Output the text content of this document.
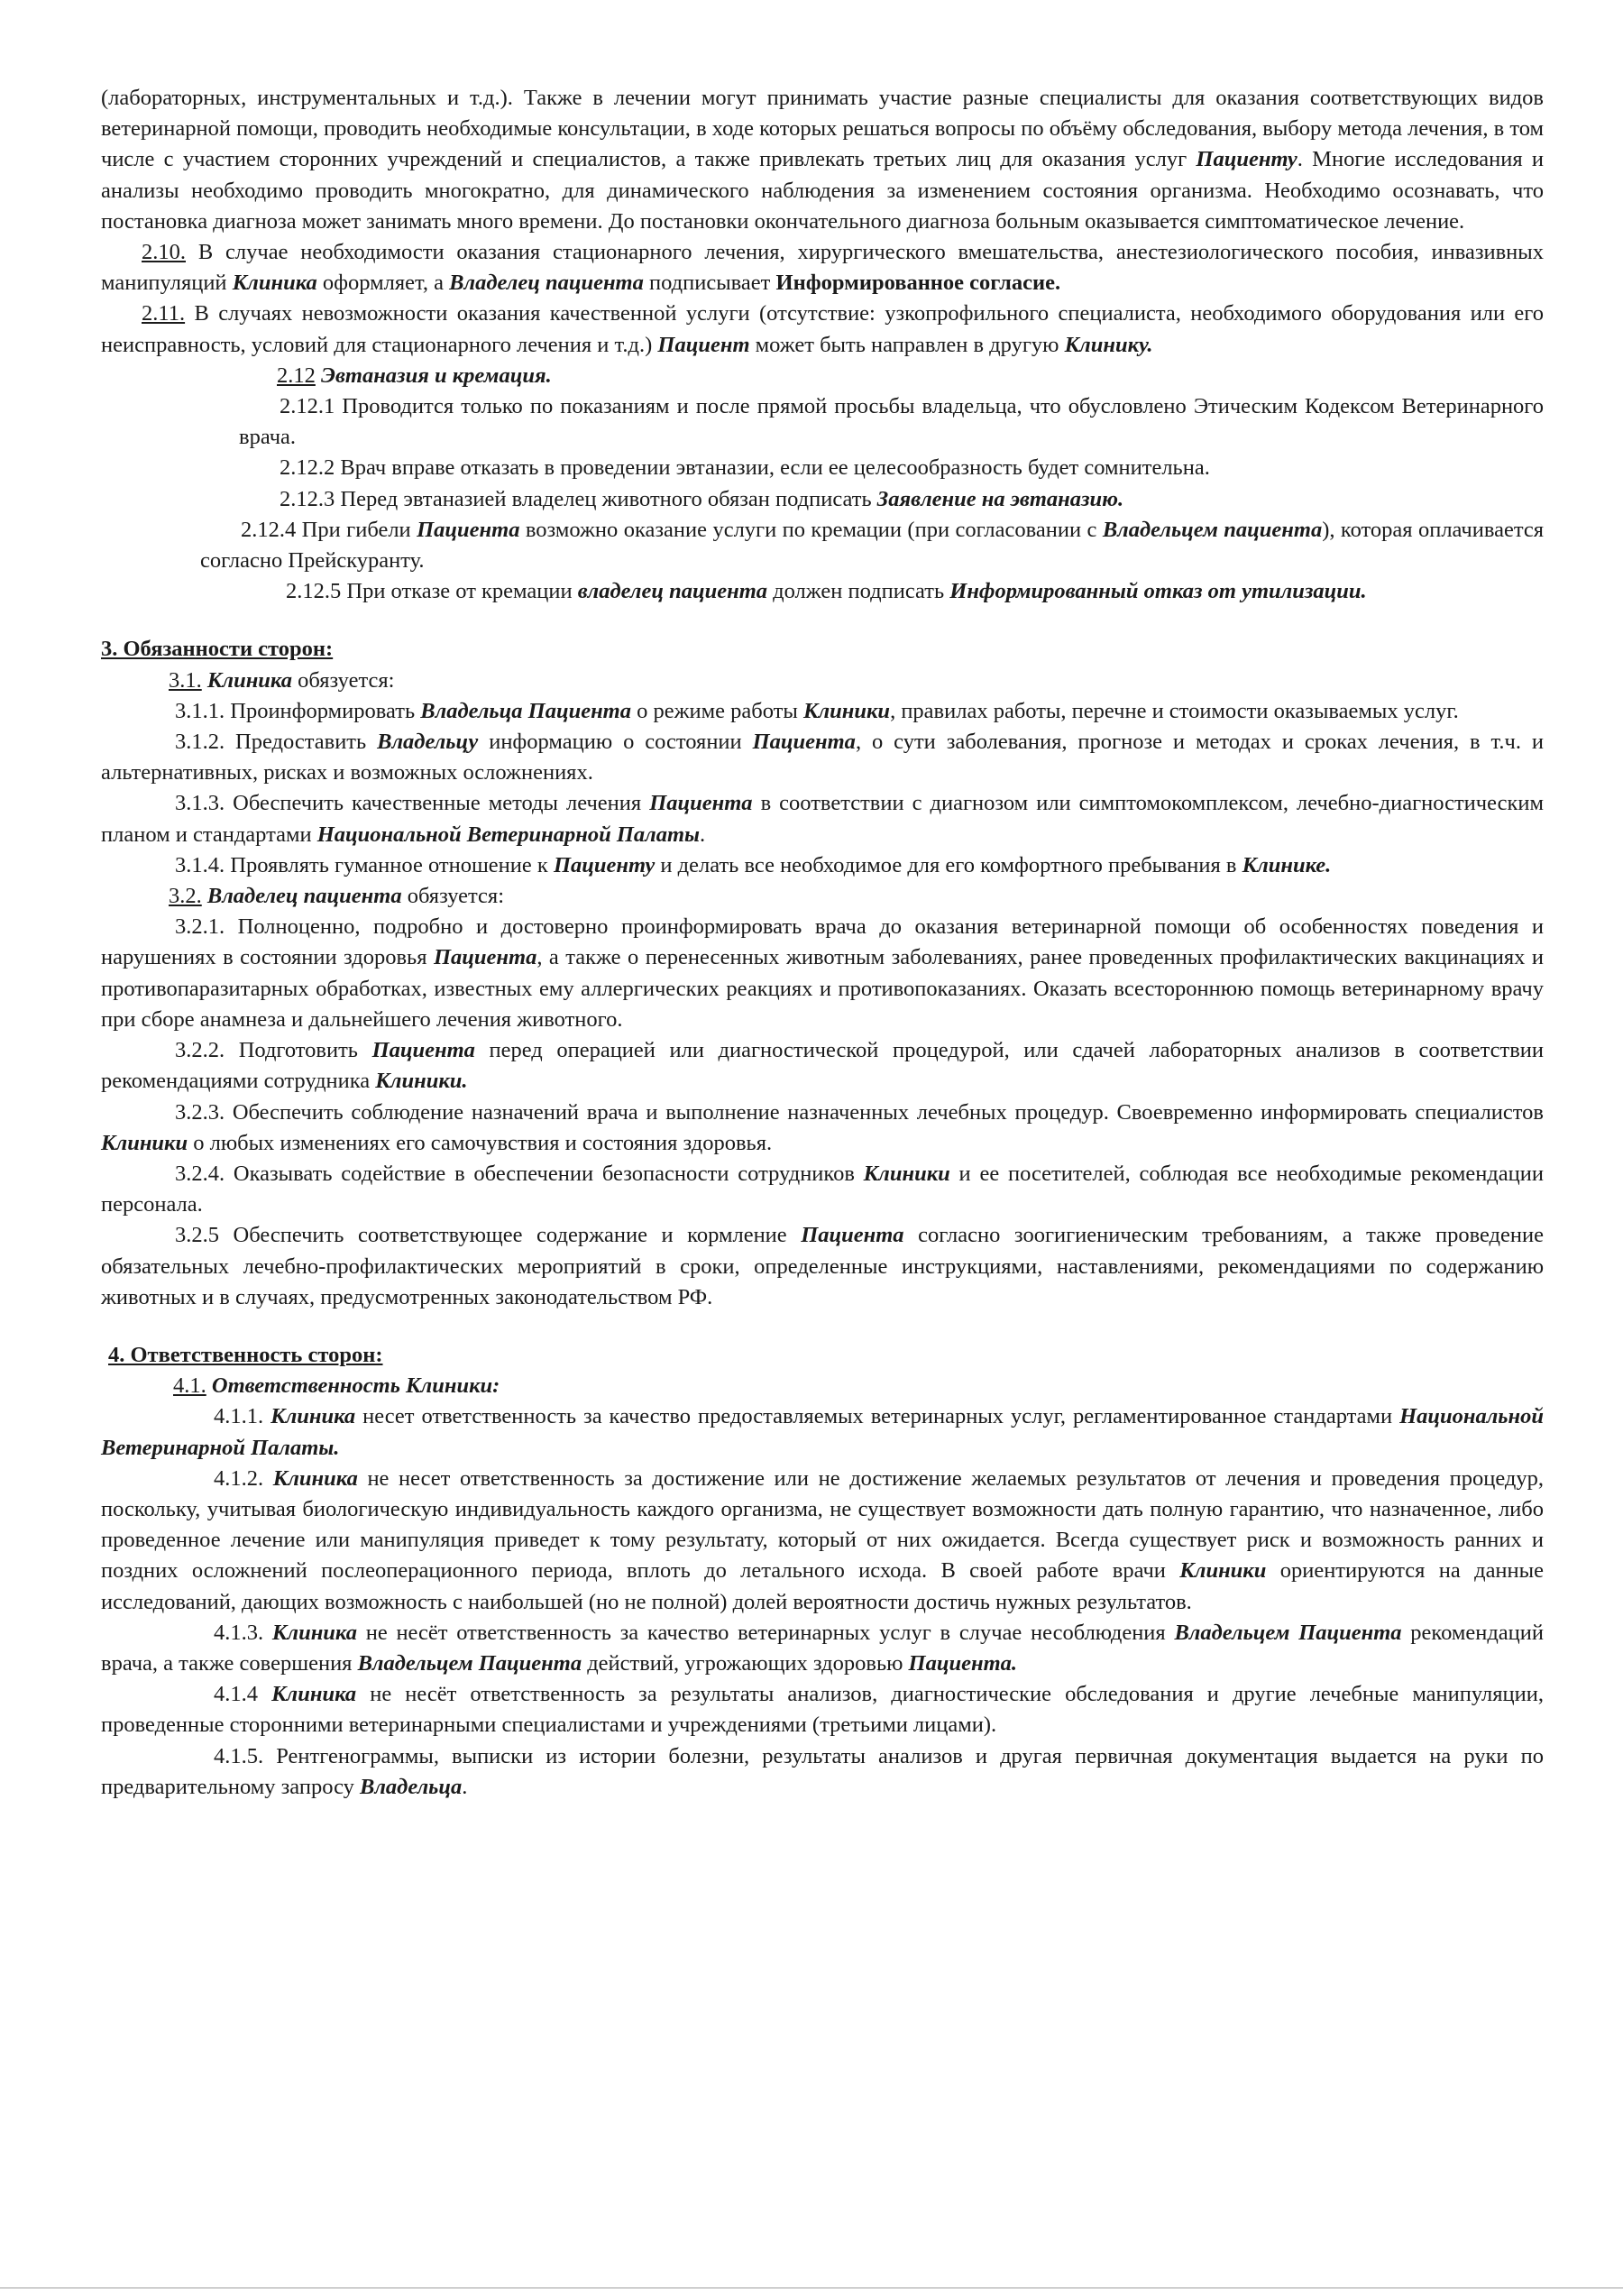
(лабораторных, инструментальных и т.д.). Также в лечении могут принимать участие разные специалисты для оказания соответствующих видов ветеринарной помощи, проводить необходимые консультации, в ходе которых решаться вопросы по объёму обследования, выбору метода лечения, в том числе с участием сторонних учреждений и специалистов, а также привлекать третьих лиц для оказания услуг Пациенту. Многие исследования и анализы необходимо проводить многократно, для динамического наблюдения за изменением состояния организма. Необходимо осознавать, что постановка диагноза может занимать много времени. До постановки окончательного диагноза больным оказывается симптоматическое лечение.

2.10. В случае необходимости оказания стационарного лечения, хирургического вмешательства, анестезиологического пособия, инвазивных манипуляций Клиника оформляет, а Владелец пациента подписывает Информированное согласие.

2.11. В случаях невозможности оказания качественной услуги (отсутствие: узкопрофильного специалиста, необходимого оборудования или его неисправность, условий для стационарного лечения и т.д.) Пациент может быть направлен в другую Клинику.

2.12 Эвтаназия и кремация.

2.12.1 Проводится только по показаниям и после прямой просьбы владельца, что обусловлено Этическим Кодексом Ветеринарного врача.

2.12.2 Врач вправе отказать в проведении эвтаназии, если ее целесообразность будет сомнительна.

2.12.3 Перед эвтаназией владелец животного обязан подписать Заявление на эвтаназию.

2.12.4 При гибели Пациента возможно оказание услуги по кремации (при согласовании с Владельцем пациента), которая оплачивается согласно Прейскуранту.

2.12.5 При отказе от кремации владелец пациента должен подписать Информированный отказ от утилизации.

3. Обязанности сторон:

3.1. Клиника обязуется:

3.1.1. Проинформировать Владельца Пациента о режиме работы Клиники, правилах работы, перечне и стоимости оказываемых услуг.

3.1.2. Предоставить Владельцу информацию о состоянии Пациента, о сути заболевания, прогнозе и методах и сроках лечения, в т.ч. и альтернативных, рисках и возможных осложнениях.

3.1.3. Обеспечить качественные методы лечения Пациента в соответствии с диагнозом или симптомокомплексом, лечебно-диагностическим планом и стандартами Национальной Ветеринарной Палаты.

3.1.4. Проявлять гуманное отношение к Пациенту и делать все необходимое для его комфортного пребывания в Клинике.

3.2. Владелец пациента обязуется:

3.2.1. Полноценно, подробно и достоверно проинформировать врача до оказания ветеринарной помощи об особенностях поведения и нарушениях в состоянии здоровья Пациента, а также о перенесенных животным заболеваниях, ранее проведенных профилактических вакцинациях и противопаразитарных обработках, известных ему аллергических реакциях и противопоказаниях. Оказать всестороннюю помощь ветеринарному врачу при сборе анамнеза и дальнейшего лечения животного.

3.2.2. Подготовить Пациента перед операцией или диагностической процедурой, или сдачей лабораторных анализов в соответствии рекомендациями сотрудника Клиники.

3.2.3. Обеспечить соблюдение назначений врача и выполнение назначенных лечебных процедур. Своевременно информировать специалистов Клиники о любых изменениях его самочувствия и состояния здоровья.

3.2.4. Оказывать содействие в обеспечении безопасности сотрудников Клиники и ее посетителей, соблюдая все необходимые рекомендации персонала.

3.2.5 Обеспечить соответствующее содержание и кормление Пациента согласно зоогигиеническим требованиям, а также проведение обязательных лечебно-профилактических мероприятий в сроки, определенные инструкциями, наставлениями, рекомендациями по содержанию животных и в случаях, предусмотренных законодательством РФ.

4. Ответственность сторон:

4.1. Ответственность Клиники:

4.1.1. Клиника несет ответственность за качество предоставляемых ветеринарных услуг, регламентированное стандартами Национальной Ветеринарной Палаты.

4.1.2. Клиника не несет ответственность за достижение или не достижение желаемых результатов от лечения и проведения процедур, поскольку, учитывая биологическую индивидуальность каждого организма, не существует возможности дать полную гарантию, что назначенное, либо проведенное лечение или манипуляция приведет к тому результату, который от них ожидается. Всегда существует риск и возможность ранних и поздних осложнений послеоперационного периода, вплоть до летального исхода. В своей работе врачи Клиники ориентируются на данные исследований, дающих возможность с наибольшей (но не полной) долей вероятности достичь нужных результатов.

4.1.3. Клиника не несёт ответственность за качество ветеринарных услуг в случае несоблюдения Владельцем Пациента рекомендаций врача, а также совершения Владельцем Пациента действий, угрожающих здоровью Пациента.

4.1.4 Клиника не несёт ответственность за результаты анализов, диагностические обследования и другие лечебные манипуляции, проведенные сторонними ветеринарными специалистами и учреждениями (третьими лицами).

4.1.5. Рентгенограммы, выписки из истории болезни, результаты анализов и другая первичная документация выдается на руки по предварительному запросу Владельца.
